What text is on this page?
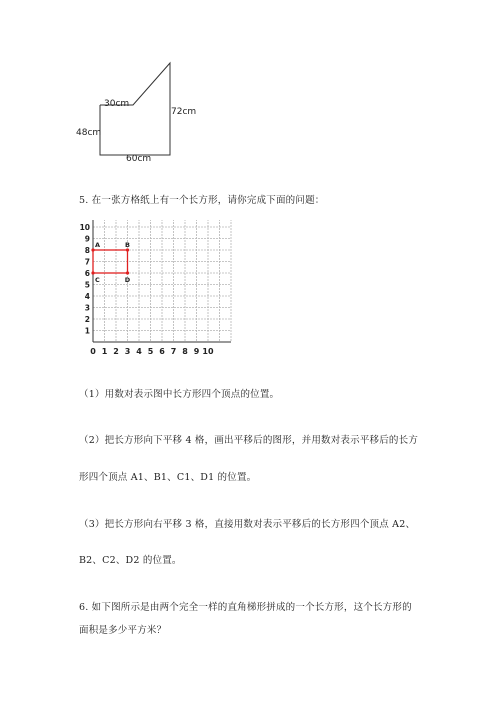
30cm
72cm
48cm
60cm
5. 在一张方格纸上有一个长方形，请你完成下面的问题：
0 1 2 3 4 5 6 7 8 9 10
1
2
3
4
5
6
7
8
9
10
A	B
C	D
（1）用数对表示图中长方形四个顶点的位置。
（2）把长方形向下平移 4 格，画出平移后的图形，并用数对表示平移后的长方
形四个顶点 A1、B1、C1、D1 的位置。
（3）把长方形向右平移 3 格，直接用数对表示平移后的长方形四个顶点 A2、
B2、C2、D2 的位置。
6. 如下图所示是由两个完全一样的直角梯形拼成的一个长方形，这个长方形的
面积是多少平方米？
